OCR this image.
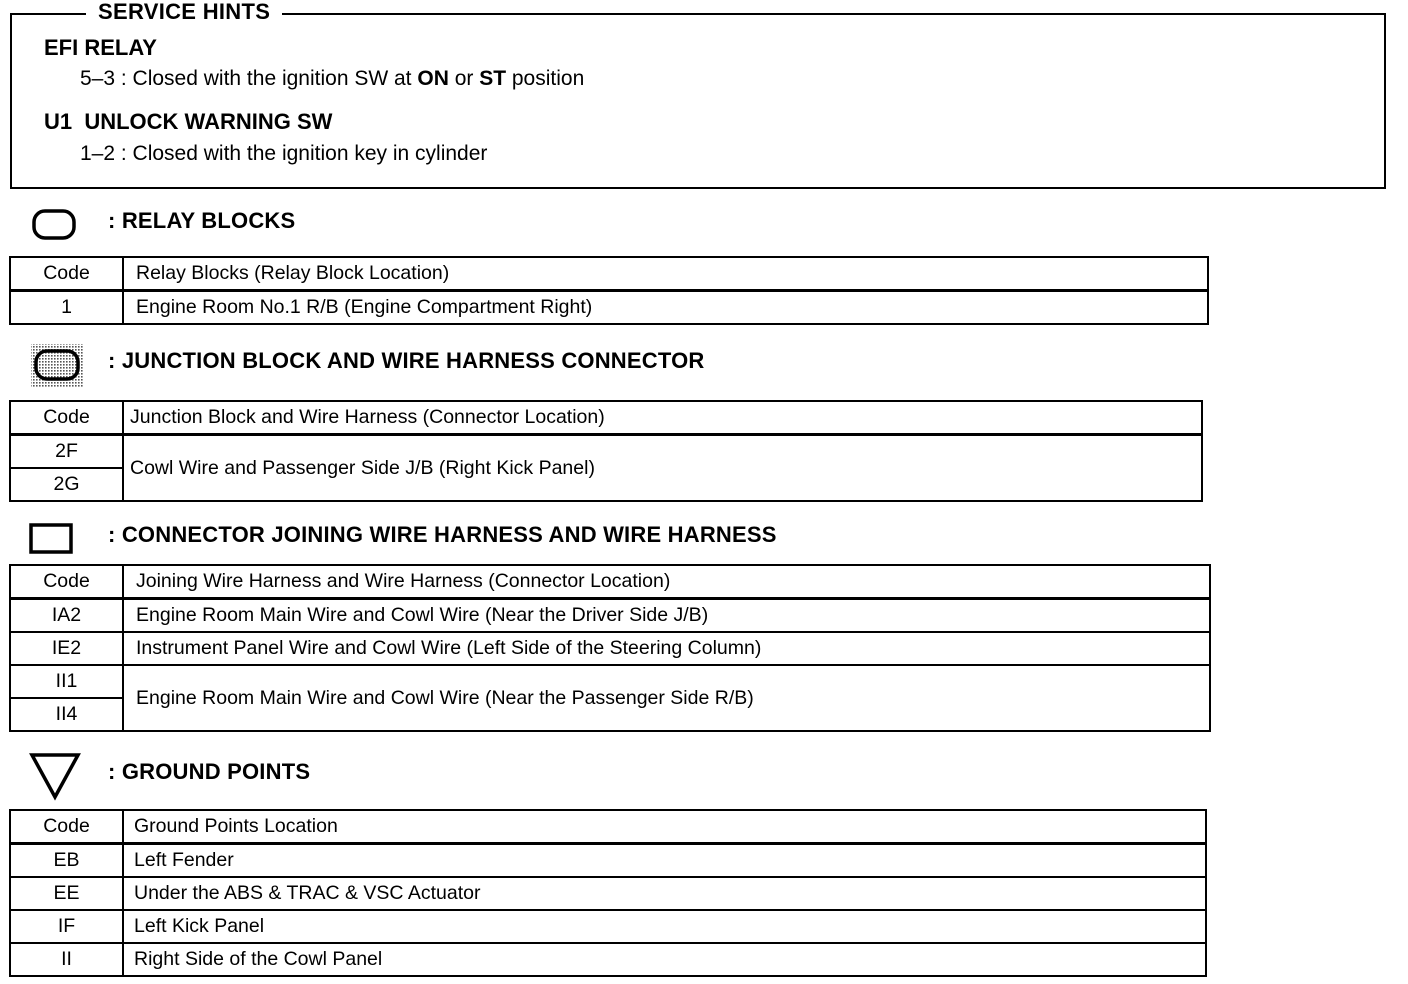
SERVICE HINTS
EFI RELAY
5–3 : Closed with the ignition SW at ON or ST position
U1  UNLOCK WARNING SW
1–2 : Closed with the ignition key in cylinder
: RELAY BLOCKS
Code	Relay Blocks (Relay Block Location)
1	Engine Room No.1 R/B (Engine Compartment Right)
: JUNCTION BLOCK AND WIRE HARNESS CONNECTOR
Code	Junction Block and Wire Harness (Connector Location)
2F	Cowl Wire and Passenger Side J/B (Right Kick Panel)
2G	
: CONNECTOR JOINING WIRE HARNESS AND WIRE HARNESS
Code	Joining Wire Harness and Wire Harness (Connector Location)
IA2	Engine Room Main Wire and Cowl Wire (Near the Driver Side J/B)
IE2	Instrument Panel Wire and Cowl Wire (Left Side of the Steering Column)
II1	Engine Room Main Wire and Cowl Wire (Near the Passenger Side R/B)
II4	
: GROUND POINTS
Code	Ground Points Location
EB	Left Fender
EE	Under the ABS & TRAC & VSC Actuator
IF	Left Kick Panel
II	Right Side of the Cowl Panel
